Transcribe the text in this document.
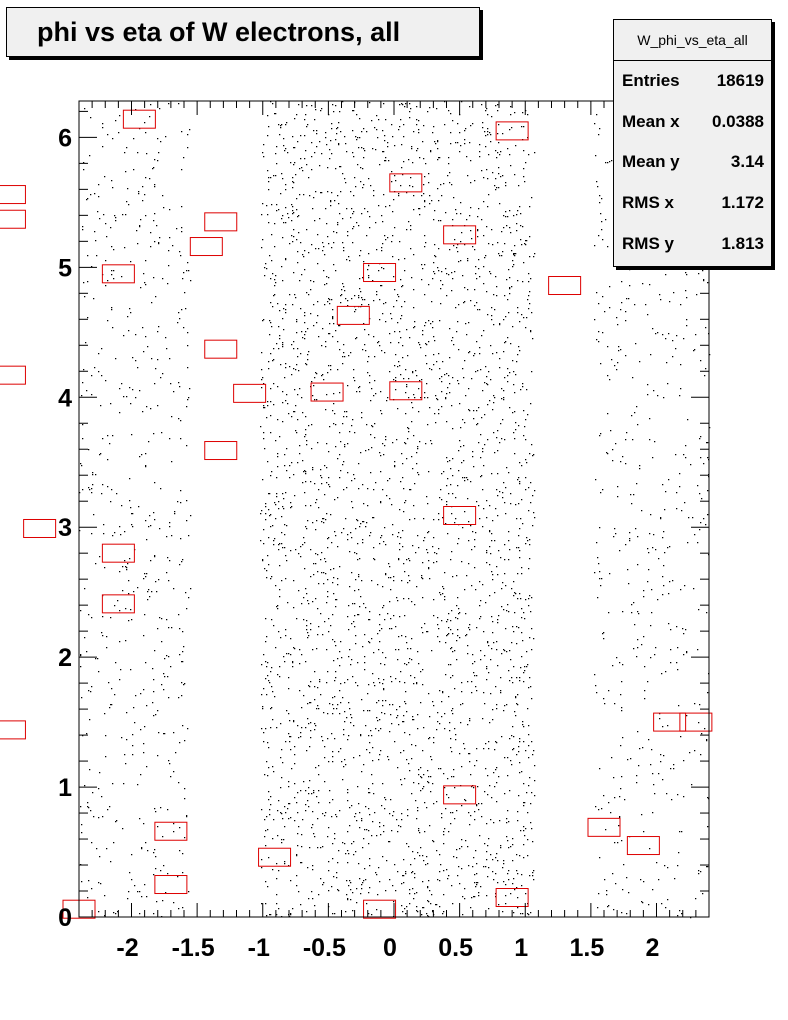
-2 -1.5 -1 -0.5 0 0.5 1 1.5 2
0
1
2
3
4
5
6
phi vs eta of W electrons, all	W_phi_vs_eta_all
Entries 18619
Mean x 0.0388
Mean y	3.14
RMS x	1.172
RMS y	1.813
